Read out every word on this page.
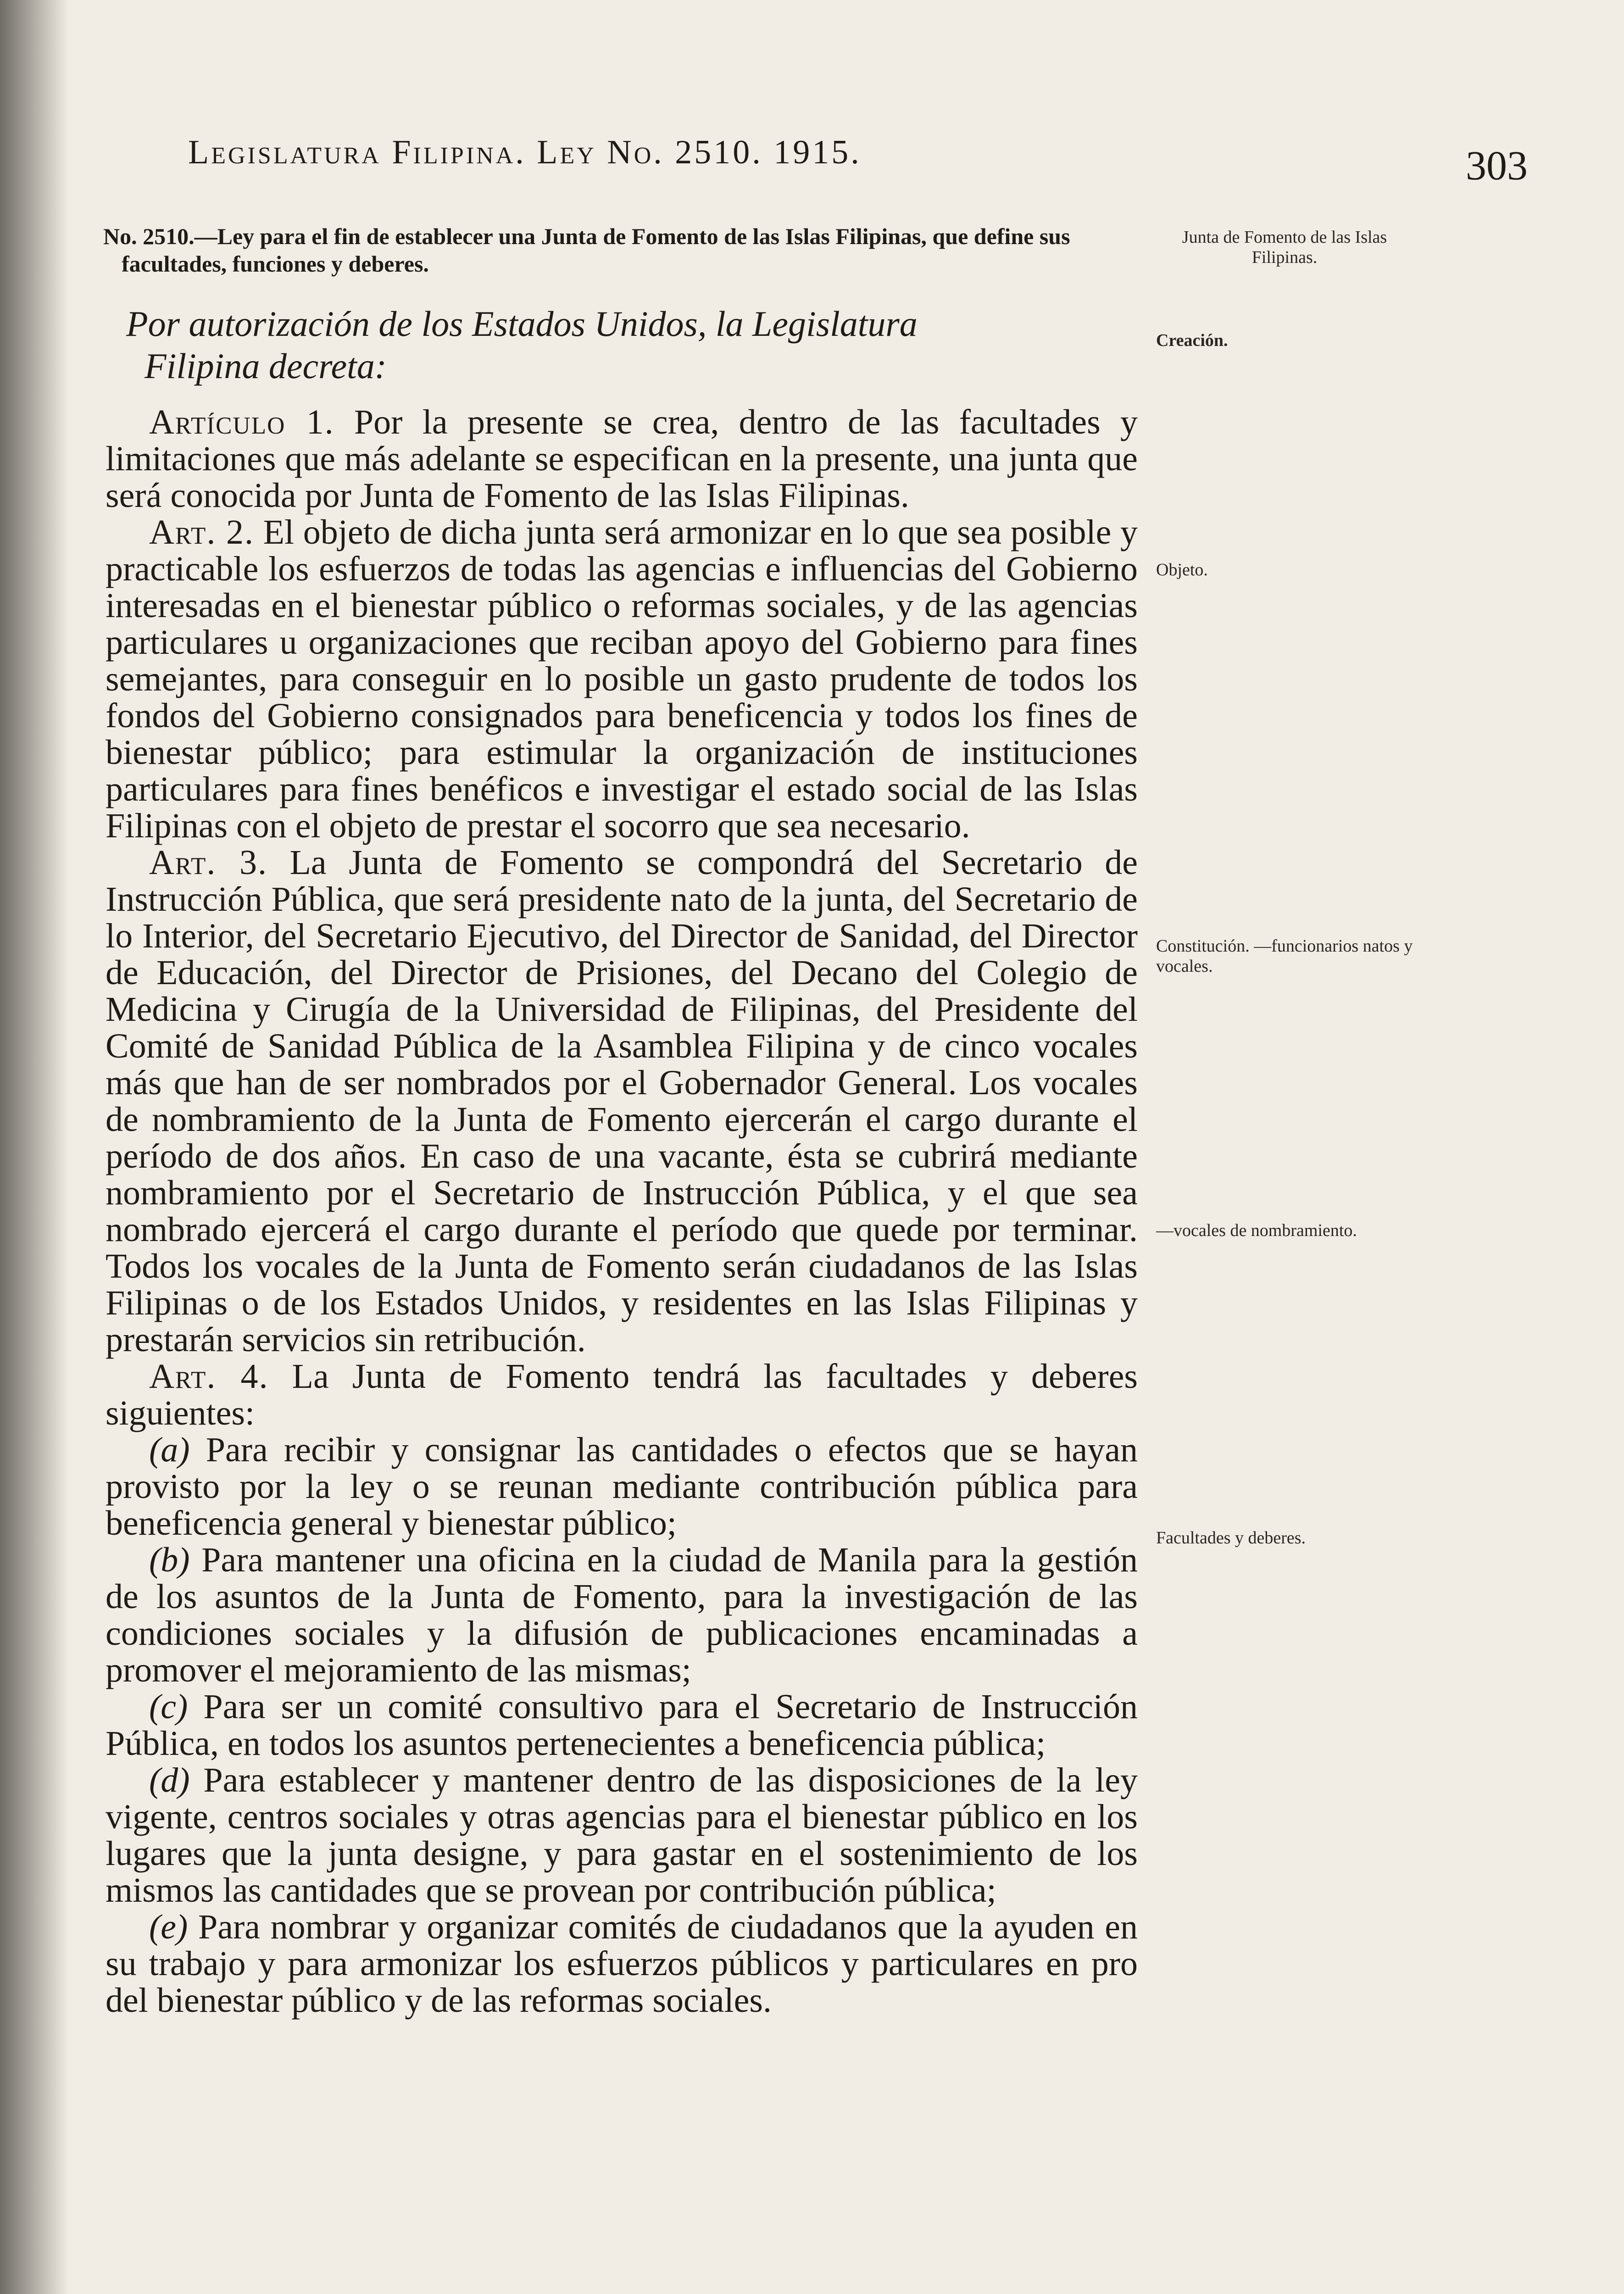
Legislatura Filipina. Ley No. 2510. 1915.	303
No. 2510.—Ley para el fin de establecer una Junta de Fomento de las Islas Filipinas, que define sus facultades, funciones y deberes.
Por autorización de los Estados Unidos, la Legislatura
Filipina decreta:
Junta de Fomento de las Islas Filipinas.
Creación.
Objeto.
Constitución. —funcionarios natos y vocales.
—vocales de nombramiento.
Facultades y deberes.

Artículo 1. Por la presente se crea, dentro de las facultades y limitaciones que más adelante se especifican en la presente, una junta que será conocida por Junta de Fomento de las Islas Filipinas.

Art. 2. El objeto de dicha junta será armonizar en lo que sea posible y practicable los esfuerzos de todas las agencias e influencias del Gobierno interesadas en el bienestar público o reformas sociales, y de las agencias particulares u organizaciones que reciban apoyo del Gobierno para fines semejantes, para conseguir en lo posible un gasto prudente de todos los fondos del Gobierno consignados para beneficencia y todos los fines de bienestar público; para estimular la organización de instituciones particulares para fines benéficos e investigar el estado social de las Islas Filipinas con el objeto de prestar el socorro que sea necesario.

Art. 3. La Junta de Fomento se compondrá del Secretario de Instrucción Pública, que será presidente nato de la junta, del Secretario de lo Interior, del Secretario Ejecutivo, del Director de Sanidad, del Director de Educación, del Director de Prisiones, del Decano del Colegio de Medicina y Cirugía de la Universidad de Filipinas, del Presidente del Comité de Sanidad Pública de la Asamblea Filipina y de cinco vocales más que han de ser nombrados por el Gobernador General. Los vocales de nombramiento de la Junta de Fomento ejercerán el cargo durante el período de dos años. En caso de una vacante, ésta se cubrirá mediante nombramiento por el Secretario de Instrucción Pública, y el que sea nombrado ejercerá el cargo durante el período que quede por terminar. Todos los vocales de la Junta de Fomento serán ciudadanos de las Islas Filipinas o de los Estados Unidos, y residentes en las Islas Filipinas y prestarán servicios sin retribución.

Art. 4. La Junta de Fomento tendrá las facultades y deberes siguientes:

(a) Para recibir y consignar las cantidades o efectos que se hayan provisto por la ley o se reunan mediante contribución pública para beneficencia general y bienestar público;

(b) Para mantener una oficina en la ciudad de Manila para la gestión de los asuntos de la Junta de Fomento, para la investigación de las condiciones sociales y la difusión de publicaciones encaminadas a promover el mejoramiento de las mismas;

(c) Para ser un comité consultivo para el Secretario de Instrucción Pública, en todos los asuntos pertenecientes a beneficencia pública;

(d) Para establecer y mantener dentro de las disposiciones de la ley vigente, centros sociales y otras agencias para el bienestar público en los lugares que la junta designe, y para gastar en el sostenimiento de los mismos las cantidades que se provean por contribución pública;

(e) Para nombrar y organizar comités de ciudadanos que la ayuden en su trabajo y para armonizar los esfuerzos públicos y particulares en pro del bienestar público y de las reformas sociales.
